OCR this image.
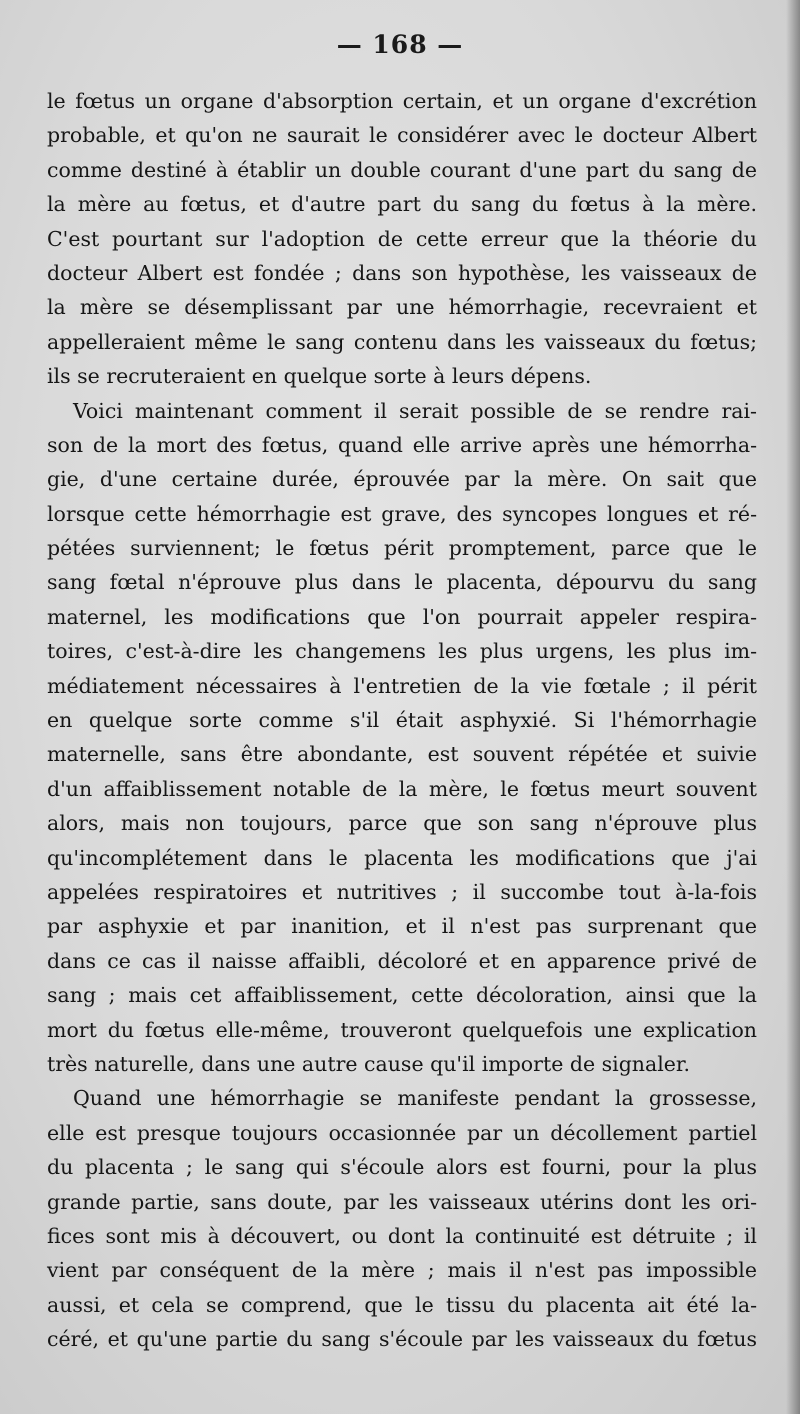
— 168 —
le fœtus un organe d'absorption certain, et un organe d'excrétion
probable, et qu'on ne saurait le considérer avec le docteur Albert
comme destiné à établir un double courant d'une part du sang de
la mère au fœtus, et d'autre part du sang du fœtus à la mère.
C'est pourtant sur l'adoption de cette erreur que la théorie du
docteur Albert est fondée ; dans son hypothèse, les vaisseaux de
la mère se désemplissant par une hémorrhagie, recevraient et
appelleraient même le sang contenu dans les vaisseaux du fœtus;
ils se recruteraient en quelque sorte à leurs dépens.
Voici maintenant comment il serait possible de se rendre rai-
son de la mort des fœtus, quand elle arrive après une hémorrha-
gie, d'une certaine durée, éprouvée par la mère. On sait que
lorsque cette hémorrhagie est grave, des syncopes longues et ré-
pétées surviennent; le fœtus périt promptement, parce que le
sang fœtal n'éprouve plus dans le placenta, dépourvu du sang
maternel, les modifications que l'on pourrait appeler respira-
toires, c'est-à-dire les changemens les plus urgens, les plus im-
médiatement nécessaires à l'entretien de la vie fœtale ; il périt
en quelque sorte comme s'il était asphyxié. Si l'hémorrhagie
maternelle, sans être abondante, est souvent répétée et suivie
d'un affaiblissement notable de la mère, le fœtus meurt souvent
alors, mais non toujours, parce que son sang n'éprouve plus
qu'incomplétement dans le placenta les modifications que j'ai
appelées respiratoires et nutritives ; il succombe tout à-la-fois
par asphyxie et par inanition, et il n'est pas surprenant que
dans ce cas il naisse affaibli, décoloré et en apparence privé de
sang ; mais cet affaiblissement, cette décoloration, ainsi que la
mort du fœtus elle-même, trouveront quelquefois une explication
très naturelle, dans une autre cause qu'il importe de signaler.
Quand une hémorrhagie se manifeste pendant la grossesse,
elle est presque toujours occasionnée par un décollement partiel
du placenta ; le sang qui s'écoule alors est fourni, pour la plus
grande partie, sans doute, par les vaisseaux utérins dont les ori-
fices sont mis à découvert, ou dont la continuité est détruite ; il
vient par conséquent de la mère ; mais il n'est pas impossible
aussi, et cela se comprend, que le tissu du placenta ait été la-
céré, et qu'une partie du sang s'écoule par les vaisseaux du fœtus
